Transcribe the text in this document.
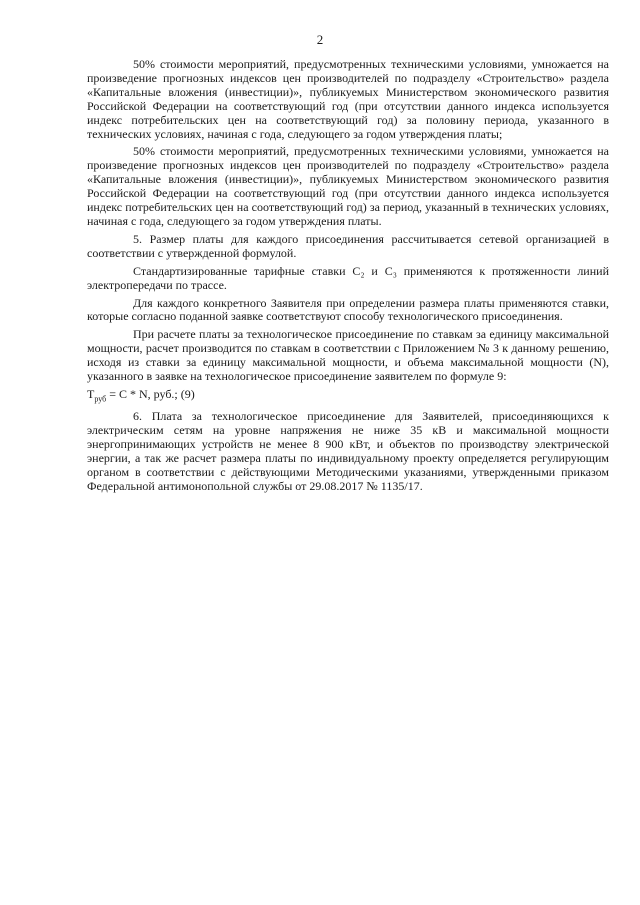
2

50% стоимости мероприятий, предусмотренных техническими условиями, умножается на произведение прогнозных индексов цен производителей по подразделу «Строительство» раздела «Капитальные вложения (инвестиции)», публикуемых Министерством экономического развития Российской Федерации на соответствующий год (при отсутствии данного индекса используется индекс потребительских цен на соответствующий год) за половину периода, указанного в технических условиях, начиная с года, следующего за годом утверждения платы;

50% стоимости мероприятий, предусмотренных техническими условиями, умножается на произведение прогнозных индексов цен производителей по подразделу «Строительство» раздела «Капитальные вложения (инвестиции)», публикуемых Министерством экономического развития Российской Федерации на соответствующий год (при отсутствии данного индекса используется индекс потребительских цен на соответствующий год) за период, указанный в технических условиях, начиная с года, следующего за годом утверждения платы.

5. Размер платы для каждого присоединения рассчитывается сетевой организацией в соответствии с утвержденной формулой.

Стандартизированные тарифные ставки С₂ и С₃ применяются к протяженности линий электропередачи по трассе.

Для каждого конкретного Заявителя при определении размера платы применяются ставки, которые согласно поданной заявке соответствуют способу технологического присоединения.

При расчете платы за технологическое присоединение по ставкам за единицу максимальной мощности, расчет производится по ставкам в соответствии с Приложением № 3 к данному решению, исходя из ставки за единицу максимальной мощности, и объема максимальной мощности (N), указанного в заявке на технологическое присоединение заявителем по формуле 9:

$T_{руб} = С * N$, руб.; (9)

6. Плата за технологическое присоединение для Заявителей, присоединяющихся к электрическим сетям на уровне напряжения не ниже 35 кВ и максимальной мощности энергопринимающих устройств не менее 8 900 кВт, и объектов по производству электрической энергии, а так же расчет размера платы по индивидуальному проекту определяется регулирующим органом в соответствии с действующими Методическими указаниями, утвержденными приказом Федеральной антимонопольной службы от 29.08.2017 № 1135/17.
